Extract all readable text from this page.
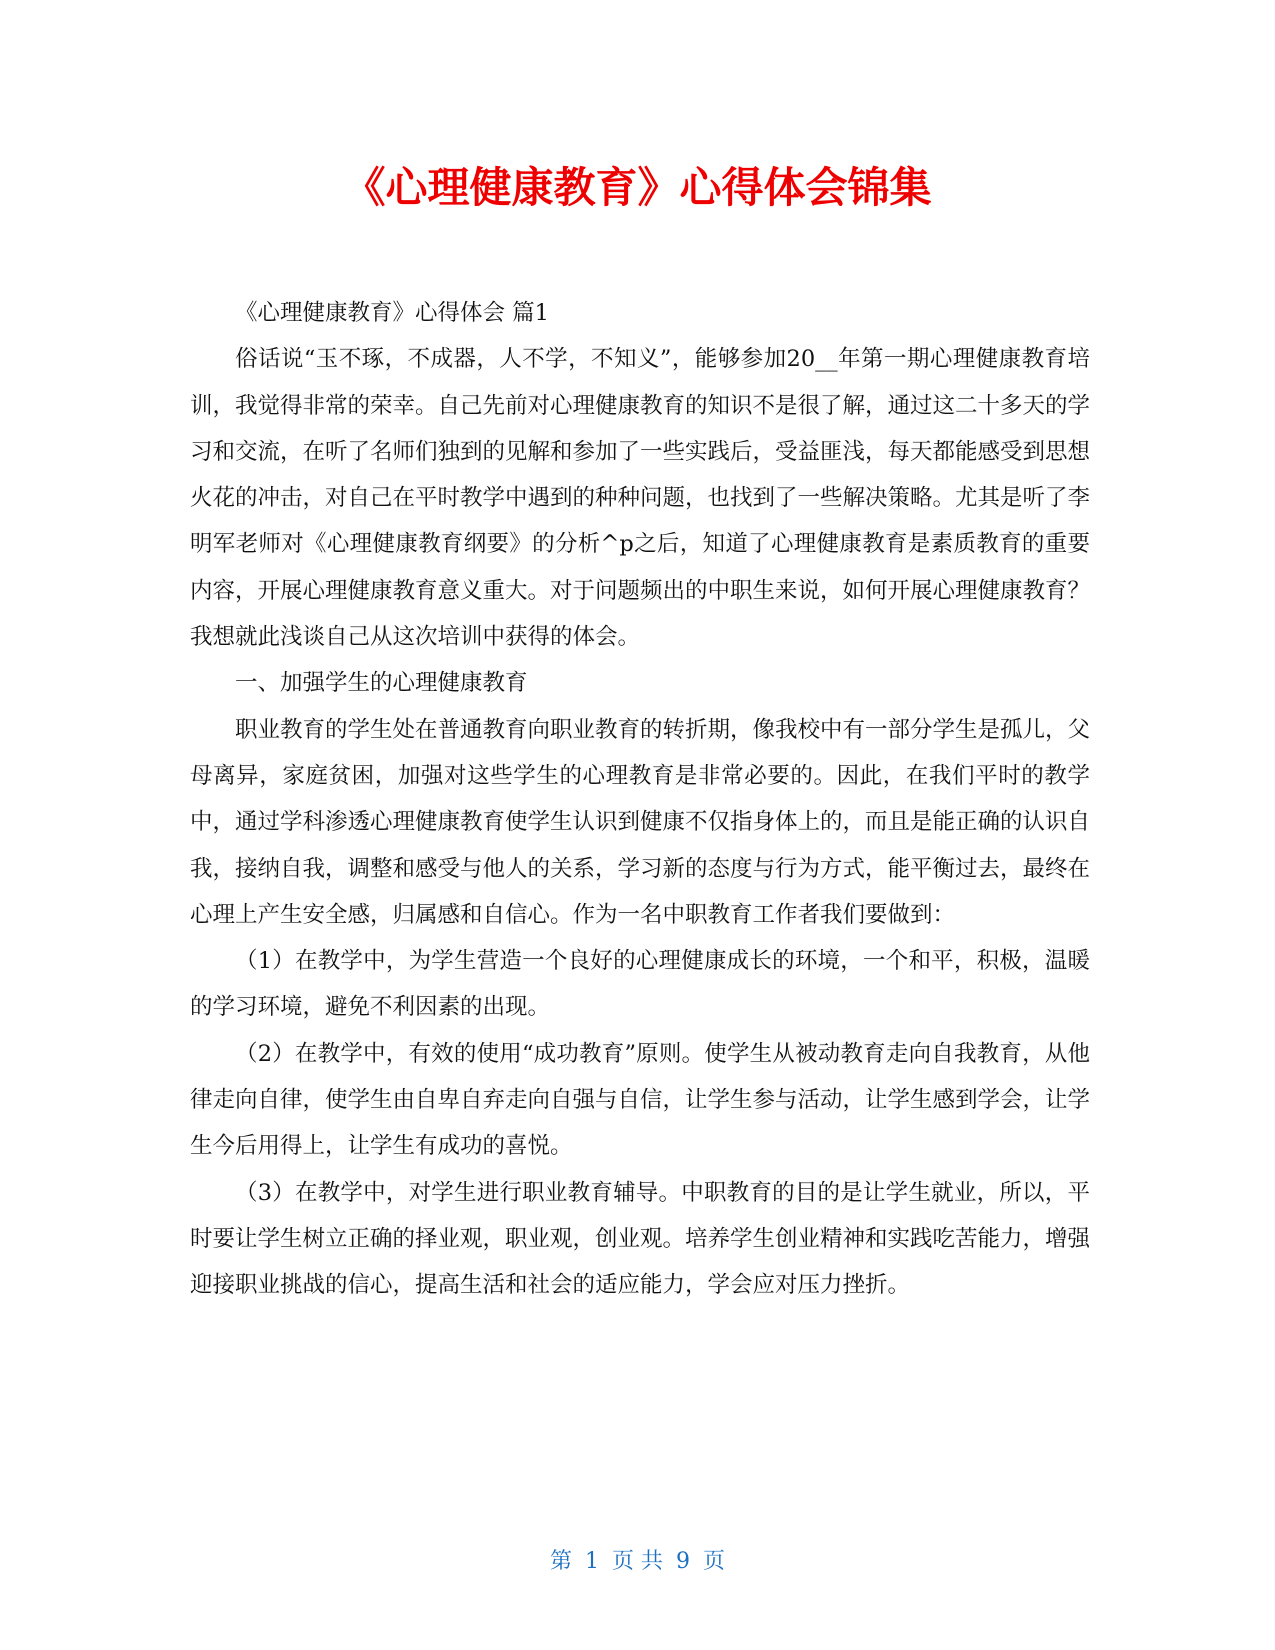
《心理健康教育》心得体会锦集

《心理健康教育》心得体会 篇1

俗话说“玉不琢，不成器，人不学，不知义”，能够参加20__年第一期心理健康教育培训，我觉得非常的荣幸。自己先前对心理健康教育的知识不是很了解，通过这二十多天的学习和交流，在听了名师们独到的见解和参加了一些实践后，受益匪浅，每天都能感受到思想火花的冲击，对自己在平时教学中遇到的种种问题，也找到了一些解决策略。尤其是听了李明军老师对《心理健康教育纲要》的分析^p之后，知道了心理健康教育是素质教育的重要内容，开展心理健康教育意义重大。对于问题频出的中职生来说，如何开展心理健康教育？我想就此浅谈自己从这次培训中获得的体会。

一、加强学生的心理健康教育

职业教育的学生处在普通教育向职业教育的转折期，像我校中有一部分学生是孤儿，父母离异，家庭贫困，加强对这些学生的心理教育是非常必要的。因此，在我们平时的教学中，通过学科渗透心理健康教育使学生认识到健康不仅指身体上的，而且是能正确的认识自我，接纳自我，调整和感受与他人的关系，学习新的态度与行为方式，能平衡过去，最终在心理上产生安全感，归属感和自信心。作为一名中职教育工作者我们要做到：

（1）在教学中，为学生营造一个良好的心理健康成长的环境，一个和平，积极，温暖的学习环境，避免不利因素的出现。

（2）在教学中，有效的使用“成功教育”原则。使学生从被动教育走向自我教育，从他律走向自律，使学生由自卑自弃走向自强与自信，让学生参与活动，让学生感到学会，让学生今后用得上，让学生有成功的喜悦。

（3）在教学中，对学生进行职业教育辅导。中职教育的目的是让学生就业，所以，平时要让学生树立正确的择业观，职业观，创业观。培养学生创业精神和实践吃苦能力，增强迎接职业挑战的信心，提高生活和社会的适应能力，学会应对压力挫折。

第 1 页 共 9 页
